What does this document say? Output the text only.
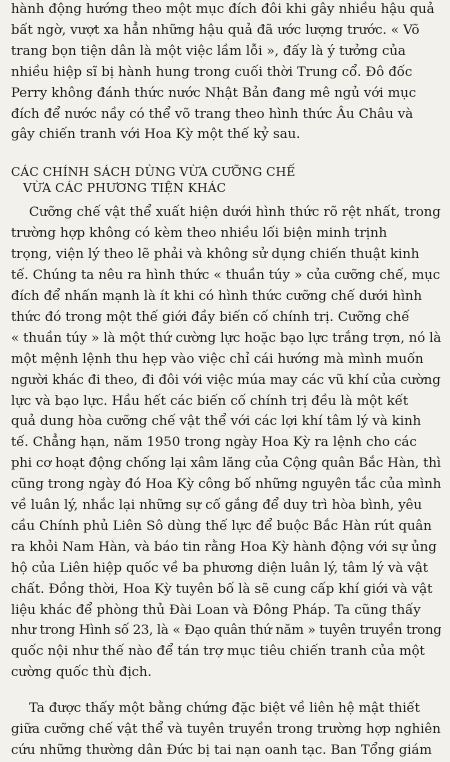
hành động hướng theo một mục đích đôi khi gây nhiều hậu quả
bất ngờ, vượt xa hẳn những hậu quả đã ước lượng trước. « Võ
trang bọn tiện dân là một việc lầm lỗi », đấy là ý tưởng của
nhiều hiệp sĩ bị hành hung trong cuối thời Trung cổ. Đô đốc
Perry không đánh thức nước Nhật Bản đang mê ngủ với mục
đích để nước nầy có thể võ trang theo hình thức Âu Châu và
gây chiến tranh với Hoa Kỳ một thế kỷ sau.
CÁC CHÍNH SÁCH DÙNG VỪA CƯỠNG CHẾ
VỪA CÁC PHƯƠNG TIỆN KHÁC
Cưỡng chế vật thể xuất hiện dưới hình thức rõ rệt nhất, trong
trường hợp không có kèm theo nhiều lối biện minh trịnh
trọng, viện lý theo lẽ phải và không sử dụng chiến thuật kinh
tế. Chúng ta nêu ra hình thức « thuần túy » của cưỡng chế, mục
đích để nhấn mạnh là ít khi có hình thức cưỡng chế dưới hình
thức đó trong một thế giới đầy biến cố chính trị. Cưỡng chế
« thuần túy » là một thứ cường lực hoặc bạo lực trắng trợn, nó là
một mệnh lệnh thu hẹp vào việc chỉ cái hướng mà mình muốn
người khác đi theo, đi đôi với việc múa may các vũ khí của cường
lực và bạo lực. Hầu hết các biến cố chính trị đều là một kết
quả dung hòa cưỡng chế vật thể với các lợi khí tâm lý và kinh
tế. Chẳng hạn, năm 1950 trong ngày Hoa Kỳ ra lệnh cho các
phi cơ hoạt động chống lại xâm lăng của Cộng quân Bắc Hàn, thì
cũng trong ngày đó Hoa Kỳ công bố những nguyên tắc của mình
về luân lý, nhắc lại những sự cố gắng để duy trì hòa bình, yêu
cầu Chính phủ Liên Sô dùng thế lực để buộc Bắc Hàn rút quân
ra khỏi Nam Hàn, và báo tin rằng Hoa Kỳ hành động với sự ủng
hộ của Liên hiệp quốc về ba phương diện luân lý, tâm lý và vật
chất. Đồng thời, Hoa Kỳ tuyên bố là sẽ cung cấp khí giới và vật
liệu khác để phòng thủ Đài Loan và Đông Pháp. Ta cũng thấy
như trong Hình số 23, là « Đạo quân thứ năm » tuyên truyền trong
quốc nội như thế nào để tán trợ mục tiêu chiến tranh của một
cường quốc thù địch.
Ta được thấy một bằng chứng đặc biệt về liên hệ mật thiết
giữa cưỡng chế vật thể và tuyên truyền trong trường hợp nghiên
cứu những thường dân Đức bị tai nạn oanh tạc. Ban Tổng giám
